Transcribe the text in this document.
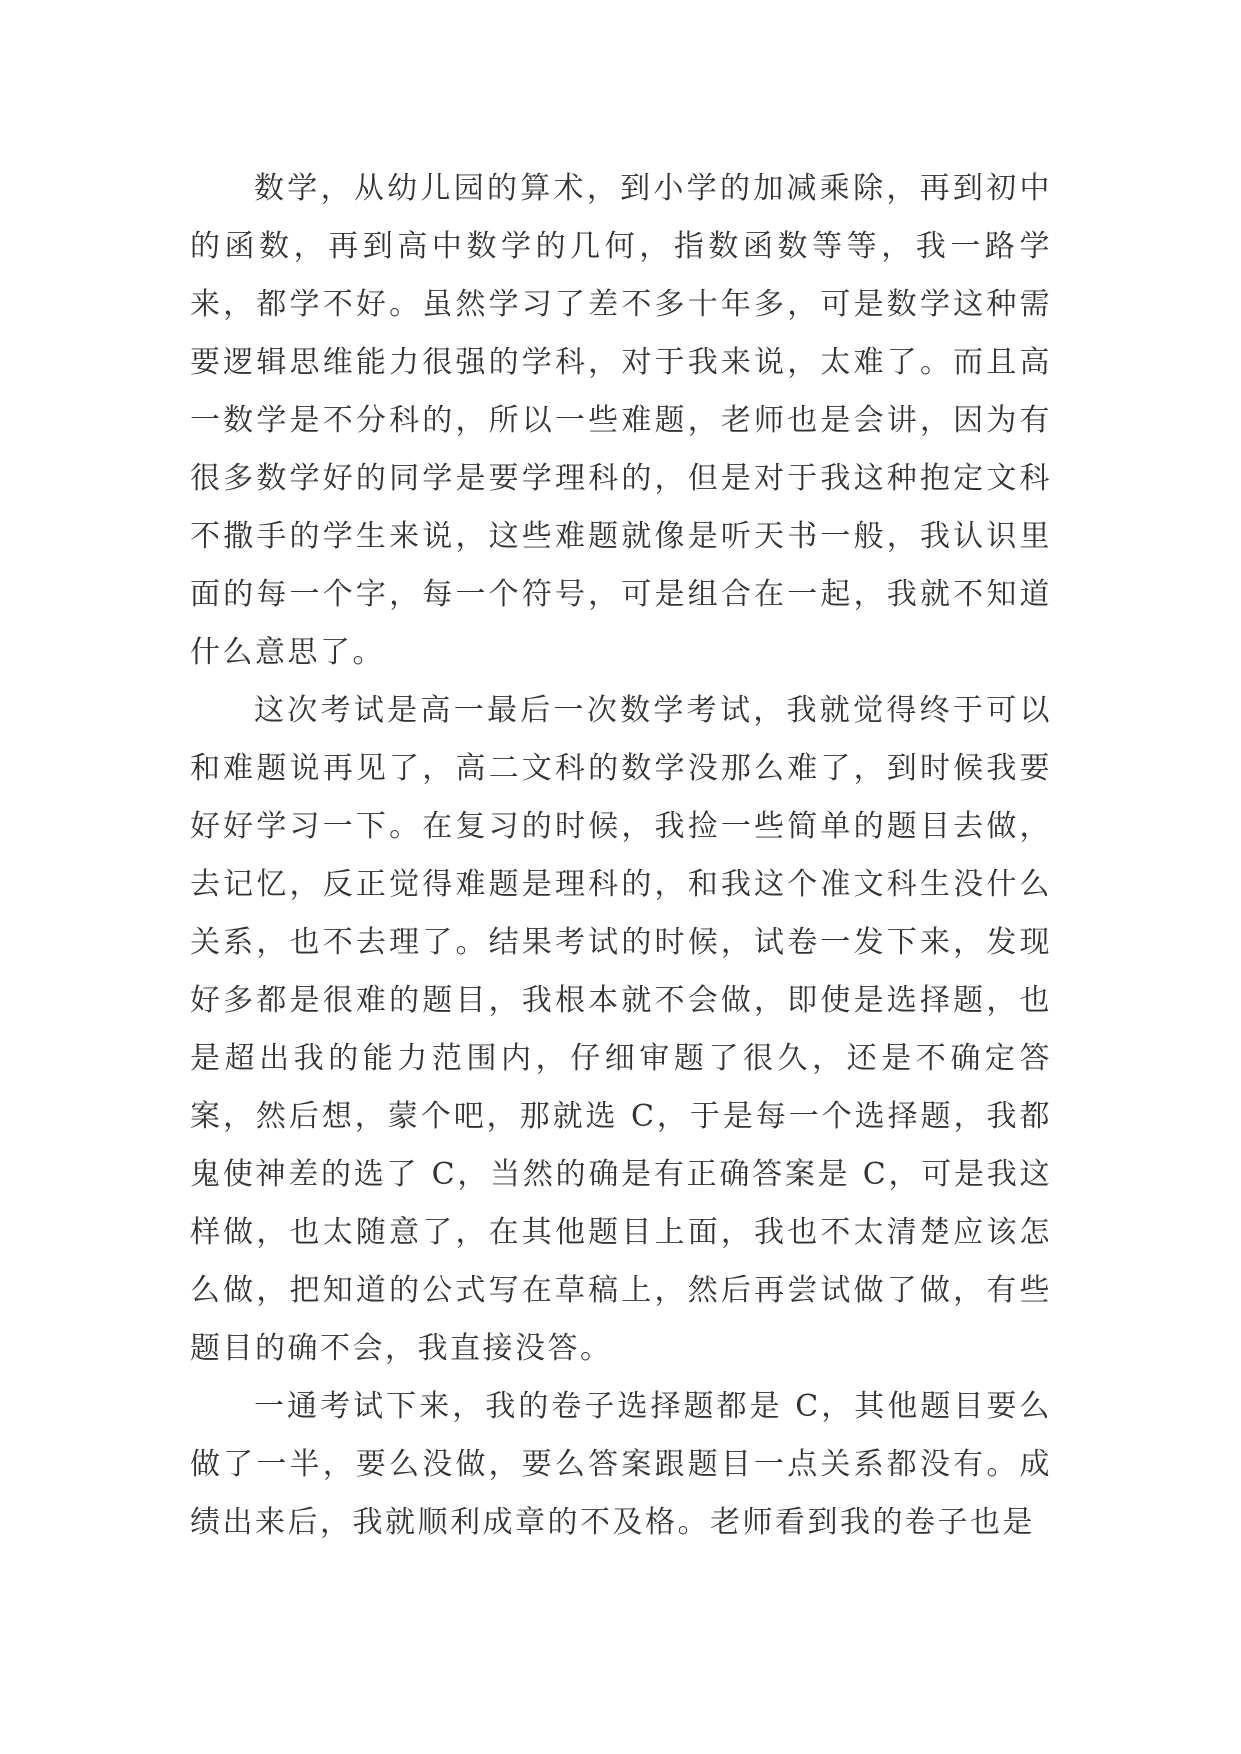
数学，从幼儿园的算术，到小学的加减乘除，再到初中的函数，再到高中数学的几何，指数函数等等，我一路学来，都学不好。虽然学习了差不多十年多，可是数学这种需要逻辑思维能力很强的学科，对于我来说，太难了。而且高一数学是不分科的，所以一些难题，老师也是会讲，因为有很多数学好的同学是要学理科的，但是对于我这种抱定文科不撒手的学生来说，这些难题就像是听天书一般，我认识里面的每一个字，每一个符号，可是组合在一起，我就不知道什么意思了。

这次考试是高一最后一次数学考试，我就觉得终于可以和难题说再见了，高二文科的数学没那么难了，到时候我要好好学习一下。在复习的时候，我捡一些简单的题目去做，去记忆，反正觉得难题是理科的，和我这个准文科生没什么关系，也不去理了。结果考试的时候，试卷一发下来，发现好多都是很难的题目，我根本就不会做，即使是选择题，也是超出我的能力范围内，仔细审题了很久，还是不确定答案，然后想，蒙个吧，那就选 C，于是每一个选择题，我都鬼使神差的选了 C，当然的确是有正确答案是 C，可是我这样做，也太随意了，在其他题目上面，我也不太清楚应该怎么做，把知道的公式写在草稿上，然后再尝试做了做，有些题目的确不会，我直接没答。

一通考试下来，我的卷子选择题都是 C，其他题目要么做了一半，要么没做，要么答案跟题目一点关系都没有。成绩出来后，我就顺利成章的不及格。老师看到我的卷子也是
